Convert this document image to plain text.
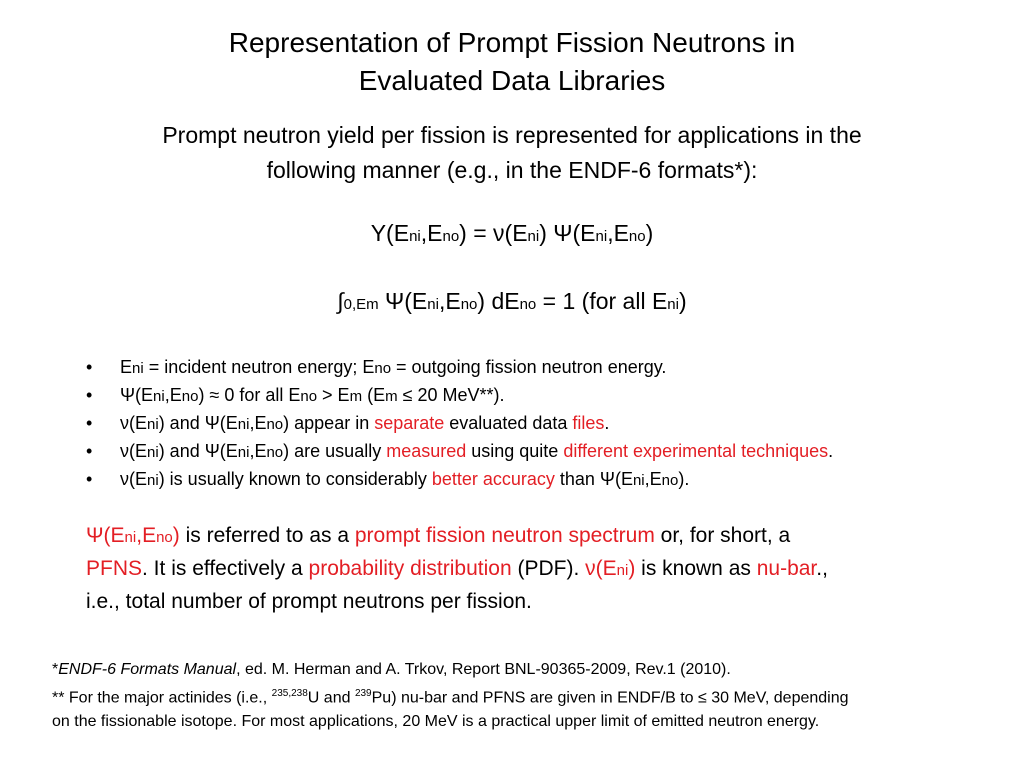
Representation of Prompt Fission Neutrons in
Evaluated Data Libraries
Prompt neutron yield per fission is represented for applications in the
following manner (e.g., in the ENDF-6 formats*):
Y(Eni,Eno) = ν(Eni) Ψ(Eni,Eno)
∫0,Em Ψ(Eni,Eno) dEno = 1 (for all Eni)
• Eni = incident neutron energy; Eno = outgoing fission neutron energy.
• Ψ(Eni,Eno) ≈ 0 for all Eno > Em (Em ≤ 20 MeV**).
• ν(Eni) and Ψ(Eni,Eno) appear in separate evaluated data files.
• ν(Eni) and Ψ(Eni,Eno) are usually measured using quite different experimental techniques.
• ν(Eni) is usually known to considerably better accuracy than Ψ(Eni,Eno).
Ψ(Eni,Eno) is referred to as a prompt fission neutron spectrum or, for short, a
PFNS. It is effectively a probability distribution (PDF). ν(Eni) is known as nu-bar.,
i.e., total number of prompt neutrons per fission.
*ENDF-6 Formats Manual, ed. M. Herman and A. Trkov, Report BNL-90365-2009, Rev.1 (2010).
** For the major actinides (i.e., $^{235,238}$U and $^{239}$Pu) nu-bar and PFNS are given in ENDF/B to ≤ 30 MeV, depending
on the fissionable isotope. For most applications, 20 MeV is a practical upper limit of emitted neutron energy.
